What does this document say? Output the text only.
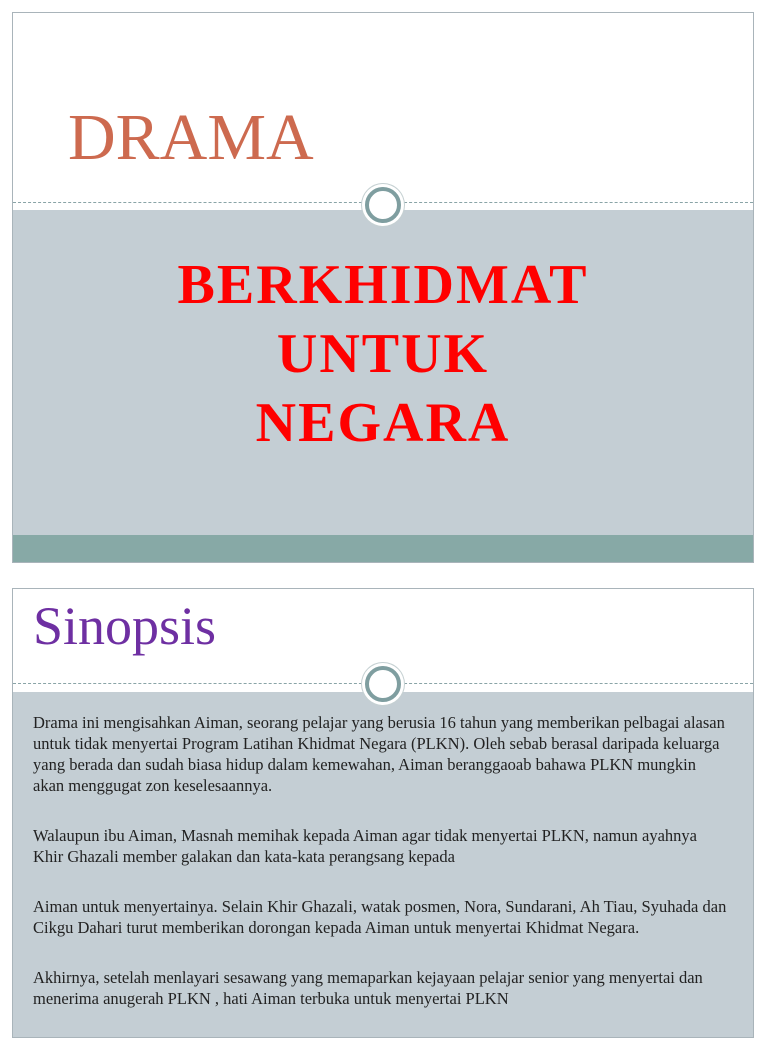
DRAMA
BERKHIDMAT
UNTUK
NEGARA
Sinopsis

Drama ini mengisahkan Aiman, seorang pelajar yang berusia 16 tahun yang memberikan pelbagai alasan untuk tidak menyertai Program Latihan Khidmat Negara (PLKN). Oleh sebab berasal daripada keluarga yang berada dan sudah biasa hidup dalam kemewahan, Aiman beranggaoab bahawa PLKN mungkin akan menggugat zon keselesaannya.

Walaupun ibu Aiman, Masnah memihak kepada Aiman agar tidak menyertai PLKN, namun ayahnya Khir Ghazali member galakan dan kata-kata perangsang kepada

Aiman untuk menyertainya. Selain Khir Ghazali, watak posmen, Nora, Sundarani, Ah Tiau, Syuhada dan Cikgu Dahari turut memberikan dorongan kepada Aiman untuk menyertai Khidmat Negara.

Akhirnya, setelah menlayari sesawang yang memaparkan kejayaan pelajar senior yang menyertai dan menerima anugerah PLKN , hati Aiman terbuka untuk menyertai PLKN
